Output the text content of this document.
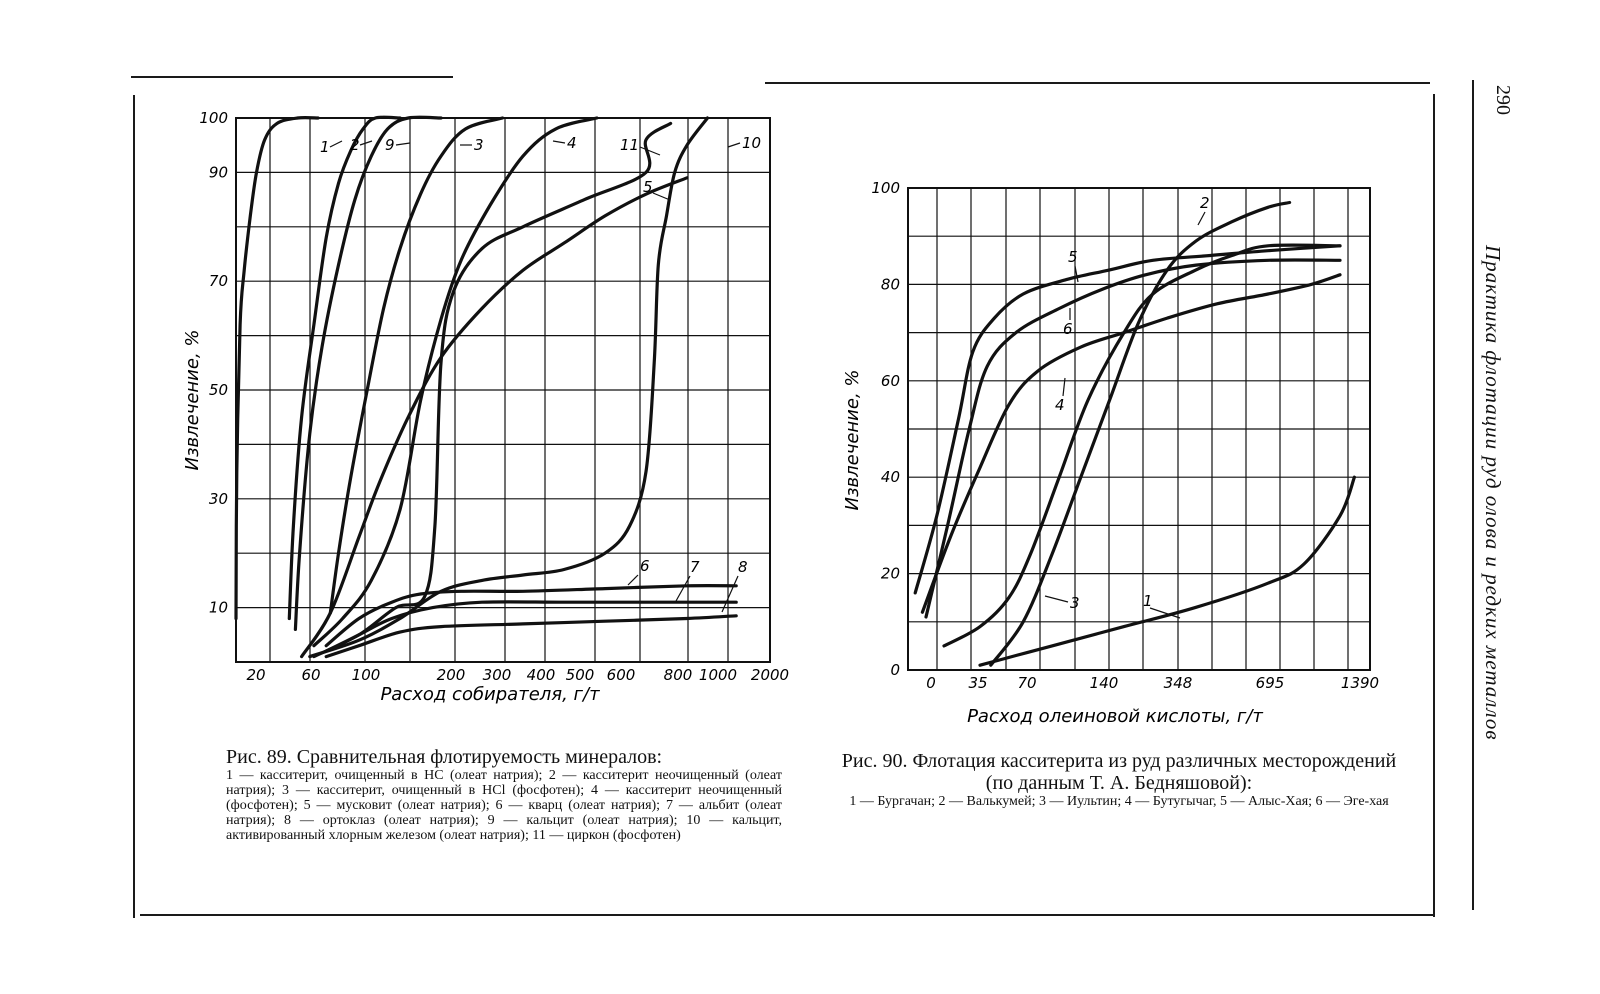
290
Практика флотации руд олова и редких металлов
10
30
50
70
90
100
20 60 100	200 300 400 500 600 800 1000 2000
1 2 9	3	4
5
10
11
6	7	8
Расход собирателя, г/т
Извлечение, %
0
20
40
60
80
100
0 35 70	140	348	695	1390
1
2
3
4
5
6
Расход олеиновой кислоты, г/т
Извлечение, %
Рис. 89. Сравнительная флотируемость минералов:
1 — касситерит, очищенный в HC (олеат натрия); 2 — касситерит неочищенный (олеат натрия); 3 — касситерит, очищенный в HCl (фосфотен); 4 — касситерит неочищенный (фосфотен); 5 — мусковит (олеат натрия); 6 — кварц (олеат натрия); 7 — альбит (олеат натрия); 8 — ортоклаз (олеат натрия); 9 — кальцит (олеат натрия); 10 — кальцит, активированный хлорным железом (олеат натрия); 11 — циркон (фосфотен)
Рис. 90. Флотация касситерита из руд различных месторождений (по данным Т. А. Бедняшовой):
1 — Бургачан; 2 — Валькумей; 3 — Иультин; 4 — Бутугычаг, 5 — Алыс-Хая; 6 — Эге-хая
